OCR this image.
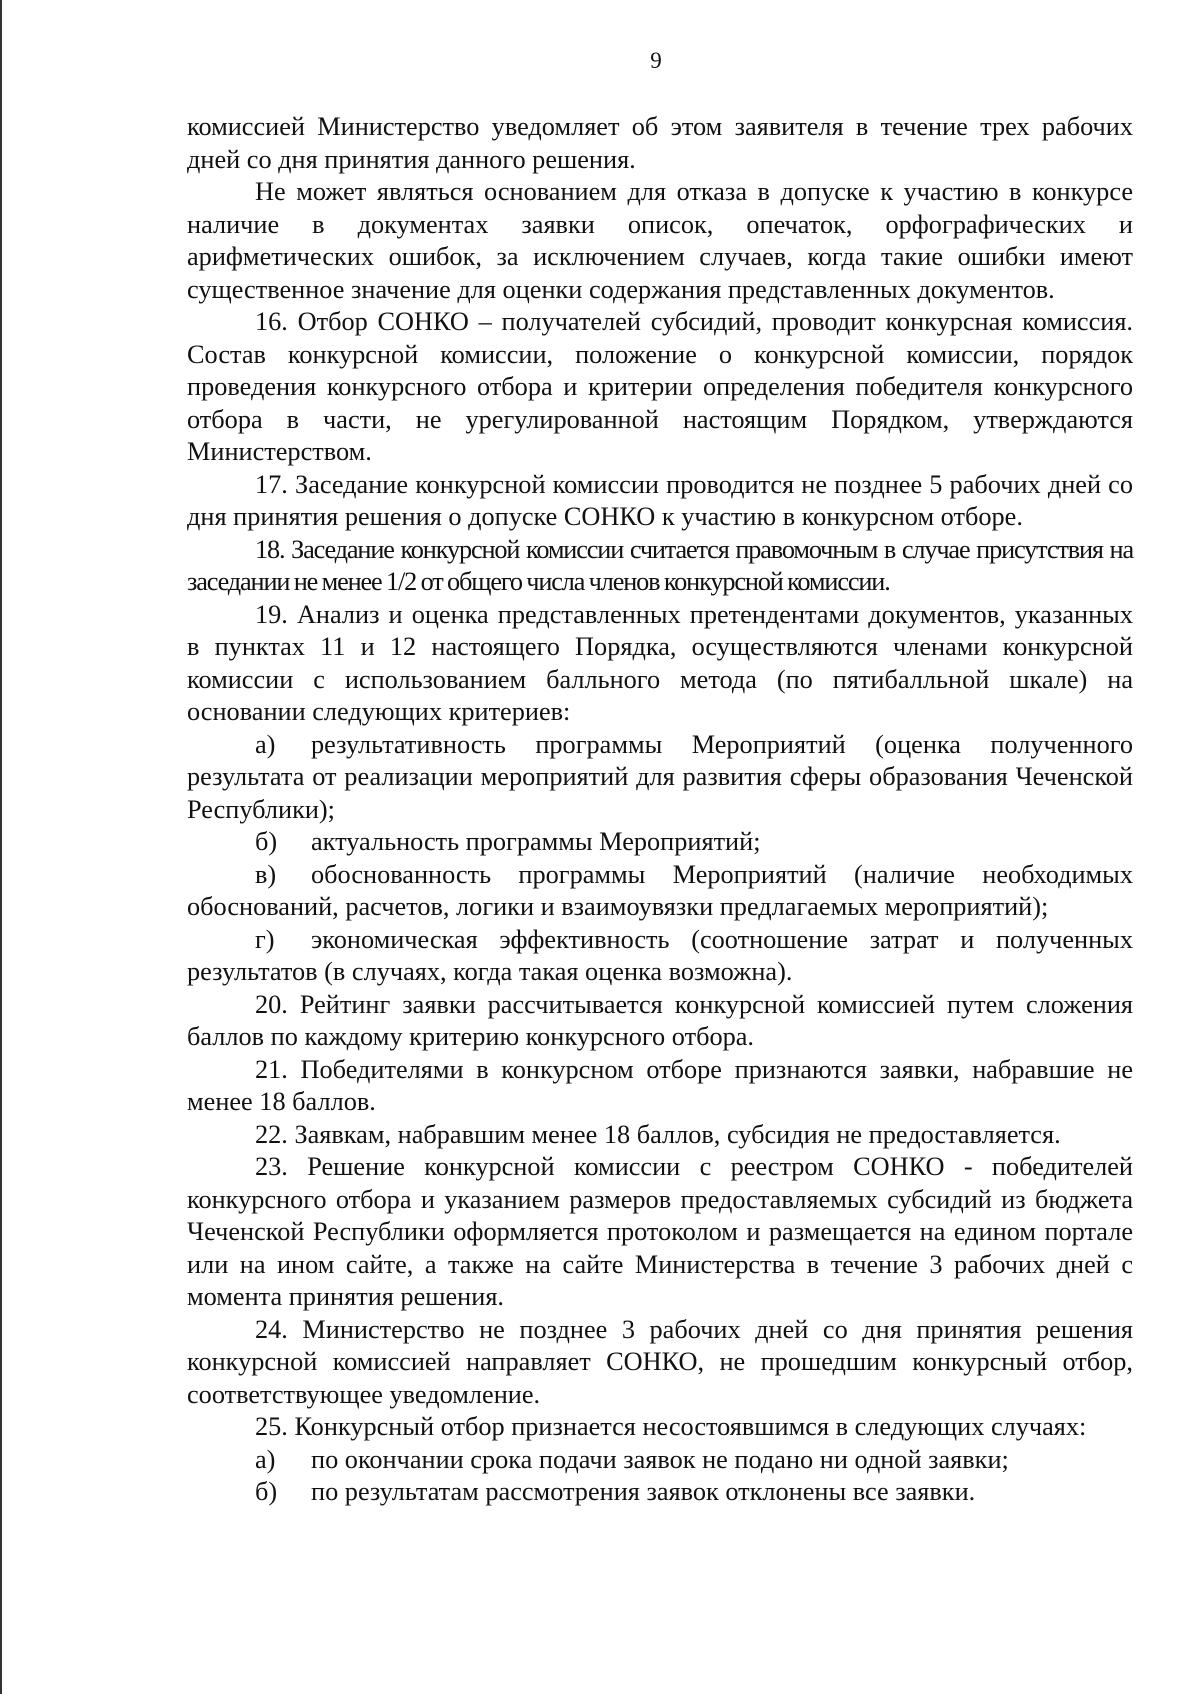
9

комиссией Министерство уведомляет об этом заявителя в течение трех рабочих дней со дня принятия данного решения.

Не может являться основанием для отказа в допуске к участию в конкурсе наличие в документах заявки описок, опечаток, орфографических и арифметических ошибок, за исключением случаев, когда такие ошибки имеют существенное значение для оценки содержания представленных документов.

16. Отбор СОНКО – получателей субсидий, проводит конкурсная комиссия. Состав конкурсной комиссии, положение о конкурсной комиссии, порядок проведения конкурсного отбора и критерии определения победителя конкурсного отбора в части, не урегулированной настоящим Порядком, утверждаются Министерством.

17. Заседание конкурсной комиссии проводится не позднее 5 рабочих дней со дня принятия решения о допуске СОНКО к участию в конкурсном отборе.

18. Заседание конкурсной комиссии считается правомочным в случае присутствия на заседании не менее 1/2 от общего числа членов конкурсной комиссии.

19. Анализ и оценка представленных претендентами документов, указанных в пунктах 11 и 12 настоящего Порядка, осуществляются членами конкурсной комиссии с использованием балльного метода (по пятибалльной шкале) на основании следующих критериев:

а) результативность программы Мероприятий (оценка полученного результата от реализации мероприятий для развития сферы образования Чеченской Республики);

б) актуальность программы Мероприятий;

в) обоснованность программы Мероприятий (наличие необходимых обоснований, расчетов, логики и взаимоувязки предлагаемых мероприятий);

г) экономическая эффективность (соотношение затрат и полученных результатов (в случаях, когда такая оценка возможна).

20. Рейтинг заявки рассчитывается конкурсной комиссией путем сложения баллов по каждому критерию конкурсного отбора.

21. Победителями в конкурсном отборе признаются заявки, набравшие не менее 18 баллов.

22. Заявкам, набравшим менее 18 баллов, субсидия не предоставляется.

23. Решение конкурсной комиссии с реестром СОНКО - победителей конкурсного отбора и указанием размеров предоставляемых субсидий из бюджета Чеченской Республики оформляется протоколом и размещается на едином портале или на ином сайте, а также на сайте Министерства в течение 3 рабочих дней с момента принятия решения.

24. Министерство не позднее 3 рабочих дней со дня принятия решения конкурсной комиссией направляет СОНКО, не прошедшим конкурсный отбор, соответствующее уведомление.

25. Конкурсный отбор признается несостоявшимся в следующих случаях:

а)	по окончании срока подачи заявок не подано ни одной заявки;
б)	по результатам рассмотрения заявок отклонены все заявки.
